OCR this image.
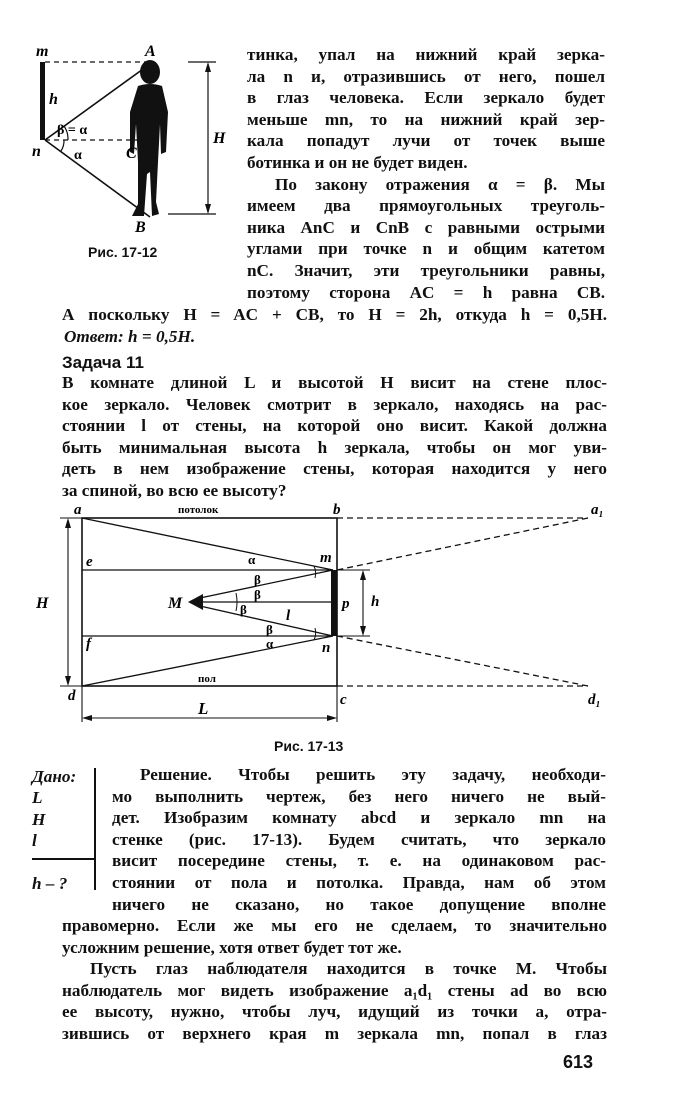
m	A
h
n	C
H
B
β = α
α
Рис. 17-12
тинка, упал на нижний край зерка-
ла n и, отразившись от него, пошел
в глаз человека. Если зеркало будет
меньше mn, то на нижний край зер-
кала попадут лучи от точек выше
ботинка и он не будет виден.
По закону отражения α = β. Мы
имеем два прямоугольных треуголь-
ника AnC и CnB с равными острыми
углами при точке n и общим катетом
nC. Значит, эти треугольники равны,
поэтому сторона AC = h равна CB.
А поскольку H = AC + CB, то H = 2h, откуда h = 0,5H.
Ответ: h = 0,5H.
Задача 11
В комнате длиной L и высотой H висит на стене плос-
кое зеркало. Человек смотрит в зеркало, находясь на рас-
стоянии l от стены, на которой оно висит. Какой должна
быть минимальная высота h зеркала, чтобы он мог уви-
деть в нем изображение стены, которая находится у него
за спиной, во всю ее высоту?
a	потолок	b	a₁
e	m
H	M	p h
l
f	n
пол
d	c	d₁
L
α
β
β
β
β
α
Рис. 17-13
Дано:
L
H
l
h – ?
Решение. Чтобы решить эту задачу, необходи-
мо выполнить чертеж, без него ничего не вый-
дет. Изобразим комнату abcd и зеркало mn на
стенке (рис. 17-13). Будем считать, что зеркало
висит посередине стены, т. е. на одинаковом рас-
стоянии от пола и потолка. Правда, нам об этом
ничего не сказано, но такое допущение вполне
правомерно. Если же мы его не сделаем, то значительно
усложним решение, хотя ответ будет тот же.
Пусть глаз наблюдателя находится в точке M. Чтобы
наблюдатель мог видеть изображение a₁d₁ стены ad во всю
ее высоту, нужно, чтобы луч, идущий из точки a, отра-
зившись от верхнего края m зеркала mn, попал в глаз
613
